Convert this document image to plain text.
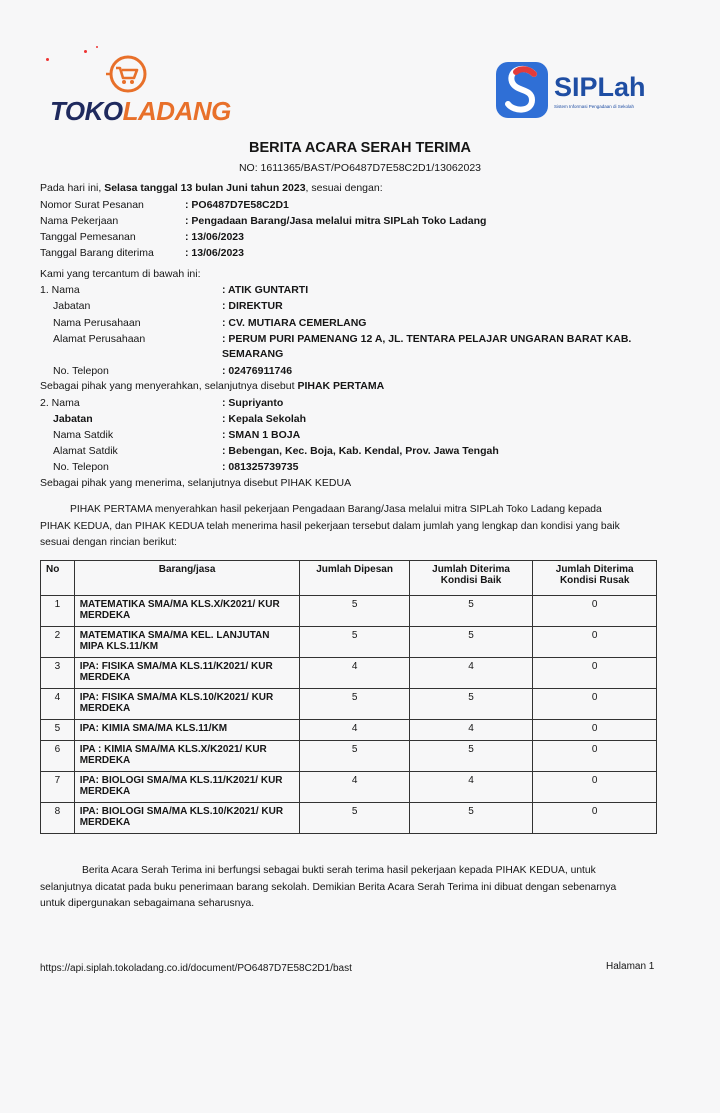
TOKOLADANG
SIPLah
Sistem Informasi Pengadaan di Sekolah
BERITA ACARA SERAH TERIMA
NO: 1611365/BAST/PO6487D7E58C2D1/13062023
Pada hari ini, Selasa tanggal 13 bulan Juni tahun 2023, sesuai dengan:
Nomor Surat Pesanan	: PO6487D7E58C2D1
Nama Pekerjaan	: Pengadaan Barang/Jasa melalui mitra SIPLah Toko Ladang
Tanggal Pemesanan	: 13/06/2023
Tanggal Barang diterima	: 13/06/2023
Kami yang tercantum di bawah ini:
1. Nama	: ATIK GUNTARTI
Jabatan	: DIREKTUR
Nama Perusahaan	: CV. MUTIARA CEMERLANG
Alamat Perusahaan	: PERUM PURI PAMENANG 12 A, JL. TENTARA PELAJAR UNGARAN BARAT KAB.
SEMARANG
No. Telepon	: 02476911746
Sebagai pihak yang menyerahkan, selanjutnya disebut PIHAK PERTAMA
2. Nama	: Supriyanto
Jabatan	: Kepala Sekolah
Nama Satdik	: SMAN 1 BOJA
Alamat Satdik	: Bebengan, Kec. Boja, Kab. Kendal, Prov. Jawa Tengah
No. Telepon	: 081325739735
Sebagai pihak yang menerima, selanjutnya disebut PIHAK KEDUA
PIHAK PERTAMA menyerahkan hasil pekerjaan Pengadaan Barang/Jasa melalui mitra SIPLah Toko Ladang kepada
PIHAK KEDUA, dan PIHAK KEDUA telah menerima hasil pekerjaan tersebut dalam jumlah yang lengkap dan kondisi yang baik
sesuai dengan rincian berikut:
No	Barang/jasa	Jumlah Dipesan	Jumlah Diterima Kondisi Baik	Jumlah Diterima Kondisi Rusak
1	MATEMATIKA SMA/MA KLS.X/K2021/ KUR MERDEKA	5	5	0
2	MATEMATIKA SMA/MA KEL. LANJUTAN MIPA KLS.11/KM	5	5	0
3	IPA: FISIKA SMA/MA KLS.11/K2021/ KUR MERDEKA	4	4	0
4	IPA: FISIKA SMA/MA KLS.10/K2021/ KUR MERDEKA	5	5	0
5	IPA: KIMIA SMA/MA KLS.11/KM	4	4	0
6	IPA : KIMIA SMA/MA KLS.X/K2021/ KUR MERDEKA	5	5	0
7	IPA: BIOLOGI SMA/MA KLS.11/K2021/ KUR MERDEKA	4	4	0
8	IPA: BIOLOGI SMA/MA KLS.10/K2021/ KUR MERDEKA	5	5	0
Berita Acara Serah Terima ini berfungsi sebagai bukti serah terima hasil pekerjaan kepada PIHAK KEDUA, untuk
selanjutnya dicatat pada buku penerimaan barang sekolah. Demikian Berita Acara Serah Terima ini dibuat dengan sebenarnya
untuk dipergunakan sebagaimana seharusnya.
https://api.siplah.tokoladang.co.id/document/PO6487D7E58C2D1/bast	Halaman 1
